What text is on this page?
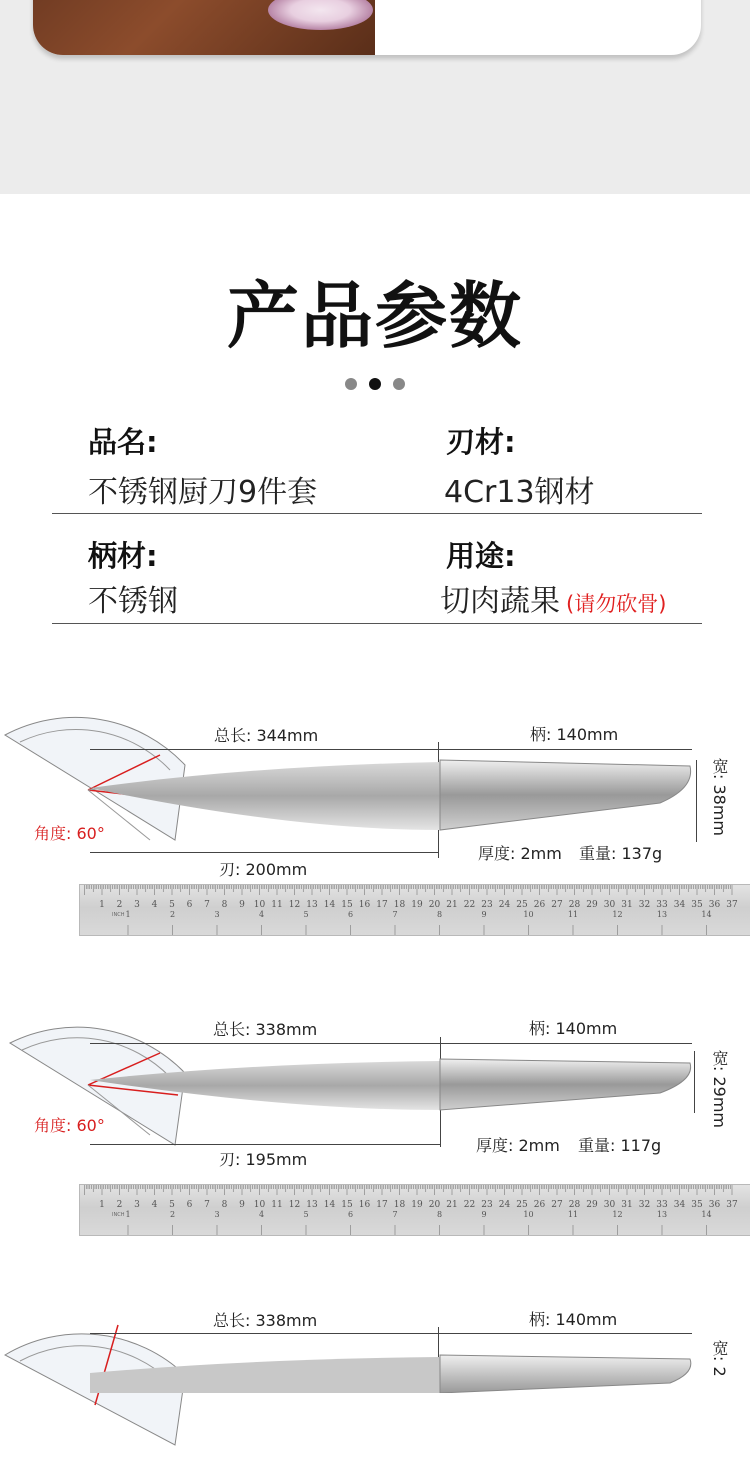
产品参数
品名:
不锈钢厨刀9件套
刃材:
4Cr13钢材
柄材:
不锈钢
用途:
切肉蔬果 (请勿砍骨)
总长: 344mm	柄: 140mm
宽: 38mm
角度: 60°
厚度: 2mm 重量: 137g
刃: 200mm
1 2 3 4 5 6 7 8 9 10 11 12 13 14 15 16 17 18 19 20 21 22 23 24 25 26 27 28 29 30 31 32 33 34 35 36 37
INCH 1	2	3	4	5	6	7	8	9	10	11	12	13	14
总长: 338mm	柄: 140mm
宽: 29mm
角度: 60°
厚度: 2mm 重量: 117g
刃: 195mm
1 2 3 4 5 6 7 8 9 10 11 12 13 14 15 16 17 18 19 20 21 22 23 24 25 26 27 28 29 30 31 32 33 34 35 36 37
INCH 1	2	3	4	5	6	7	8	9	10	11	12	13	14
总长: 338mm	柄: 140mm
宽: 2
